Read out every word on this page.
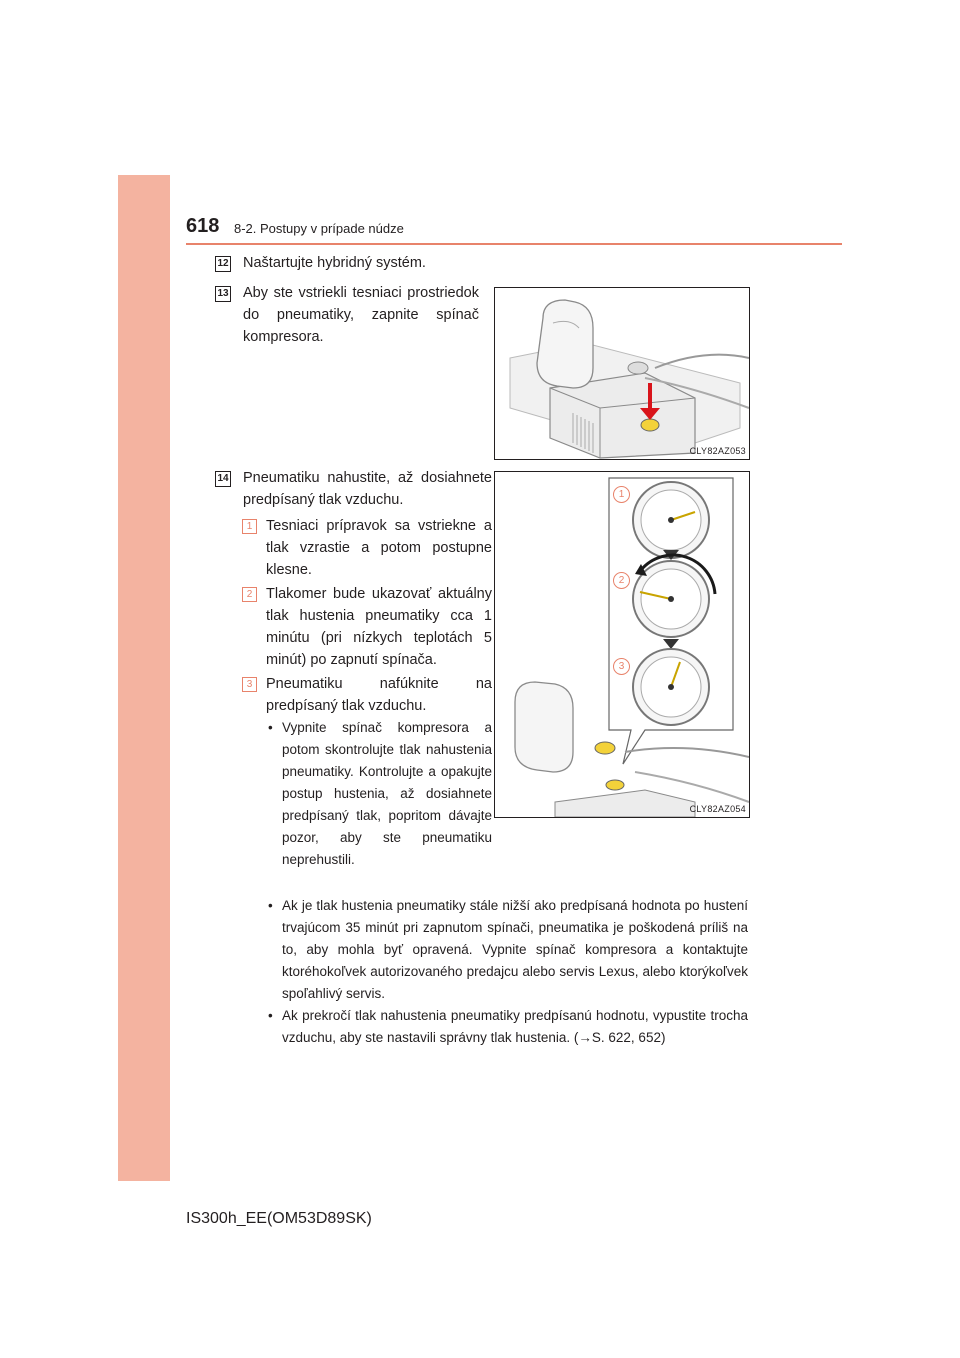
618 8-2. Postupy v prípade núdze
12 Naštartujte hybridný systém.
13 Aby ste vstriekli tesniaci prostriedok do pneumatiky, zapnite spínač kompresora.
CLY82AZ053
14 Pneumatiku nahustite, až dosiahnete predpísaný tlak vzduchu.
1 Tesniaci prípravok sa vstriekne a tlak vzrastie a potom postupne klesne.
2 Tlakomer bude ukazovať aktuálny tlak hustenia pneumatiky cca 1 minútu (pri nízkych teplotách 5 minút) po zapnutí spínača.
3 Pneumatiku nafúknite na predpísaný tlak vzduchu.
• Vypnite spínač kompresora a potom skontrolujte tlak nahustenia pneumatiky. Kontrolujte a opakujte postup hustenia, až dosiahnete predpísaný tlak, popritom dávajte pozor, aby ste pneumatiku neprehustili.
1
2
3
CLY82AZ054
• Ak je tlak hustenia pneumatiky stále nižší ako predpísaná hodnota po hustení trvajúcom 35 minút pri zapnutom spínači, pneumatika je poškodená príliš na to, aby mohla byť opravená. Vypnite spínač kompresora a kontaktujte ktoréhokoľvek autorizovaného predajcu alebo servis Lexus, alebo ktorýkoľvek spoľahlivý servis.
• Ak prekročí tlak nahustenia pneumatiky predpísanú hodnotu, vypustite trocha vzduchu, aby ste nastavili správny tlak hustenia. (→S. 622, 652)
IS300h_EE(OM53D89SK)
